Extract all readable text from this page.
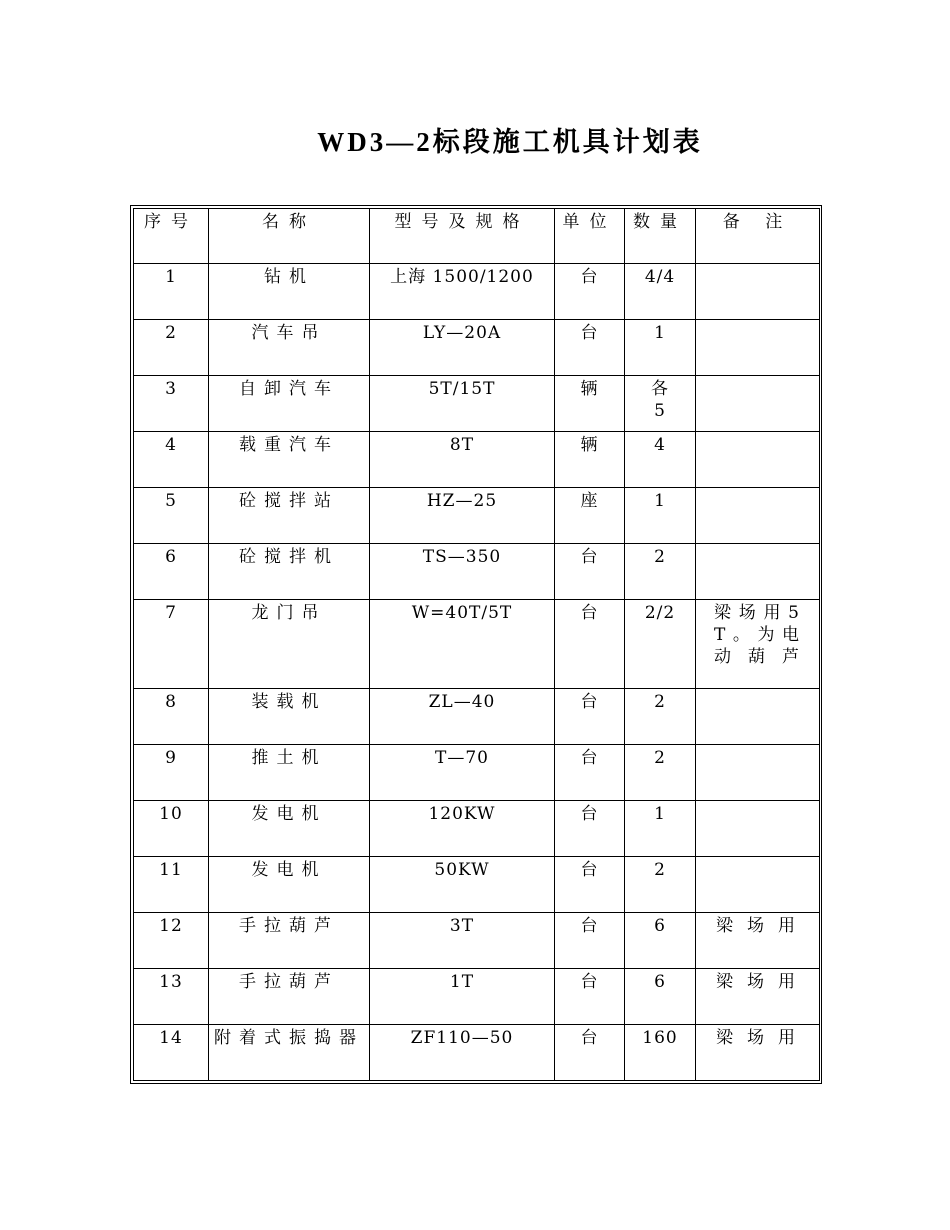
WD3—2标段施工机具计划表
序号	名称	型号及规格	单位	数量	备 注
1	钻机	上海 1500/1200	台	4/4	
2	汽车吊	LY—20A	台	1	
3	自卸汽车	5T/15T	辆	各5	
4	载重汽车	8T	辆	4	
5	砼搅拌站	HZ—25	座	1	
6	砼搅拌机	TS—350	台	2	
7	龙门吊	W=40T/5T	台	2/2	梁场用5T。为电动葫芦
8	装载机	ZL—40	台	2	
9	推土机	T—70	台	2	
10	发电机	120KW	台	1	
11	发电机	50KW	台	2	
12	手拉葫芦	3T	台	6	梁场用
13	手拉葫芦	1T	台	6	梁场用
14	附着式振捣器	ZF110—50	台	160	梁场用
